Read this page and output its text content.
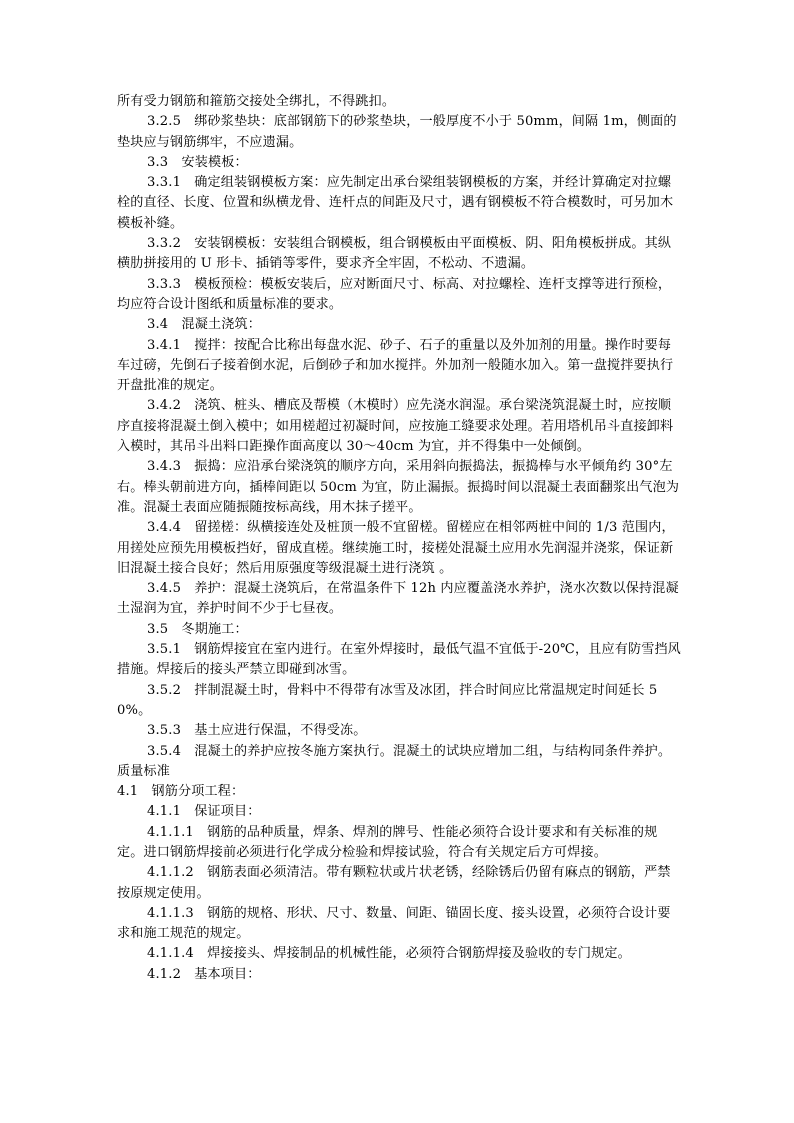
所有受力钢筋和箍筋交接处全绑扎，不得跳扣。

3.2.5　绑砂浆垫块：底部钢筋下的砂浆垫块，一般厚度不小于 50mm，间隔 1m，侧面的垫块应与钢筋绑牢，不应遗漏。

3.3　安装模板：

3.3.1　确定组装钢模板方案：应先制定出承台梁组装钢模板的方案，并经计算确定对拉螺栓的直径、长度、位置和纵横龙骨、连杆点的间距及尺寸，遇有钢模板不符合模数时，可另加木模板补缝。

3.3.2　安装钢模板：安装组合钢模板，组合钢模板由平面模板、阴、阳角模板拼成。其纵横肋拼接用的 U 形卡、插销等零件，要求齐全牢固，不松动、不遗漏。

3.3.3　模板预检：模板安装后，应对断面尺寸、标高、对拉螺栓、连杆支撑等进行预检，均应符合设计图纸和质量标准的要求。

3.4　混凝土浇筑：

3.4.1　搅拌：按配合比称出每盘水泥、砂子、石子的重量以及外加剂的用量。操作时要每车过磅，先倒石子接着倒水泥，后倒砂子和加水搅拌。外加剂一般随水加入。第一盘搅拌要执行开盘批准的规定。

3.4.2　浇筑、桩头、槽底及帮模（木模时）应先浇水润湿。承台梁浇筑混凝土时，应按顺序直接将混凝土倒入模中；如用槎超过初凝时间，应按施工缝要求处理。若用塔机吊斗直接卸料入模时，其吊斗出料口距操作面高度以 30～40cm 为宜，并不得集中一处倾倒。

3.4.3　振捣：应沿承台梁浇筑的顺序方向，采用斜向振捣法，振捣棒与水平倾角约 30°左右。棒头朝前进方向，插棒间距以 50cm 为宜，防止漏振。振捣时间以混凝土表面翻浆出气泡为准。混凝土表面应随振随按标高线，用木抹子搓平。

3.4.4　留搓槎：纵横接连处及桩顶一般不宜留槎。留槎应在相邻两桩中间的 1/3 范围内，用搓处应预先用模板挡好，留成直槎。继续施工时，接槎处混凝土应用水先润湿并浇浆，保证新旧混凝土接合良好；然后用原强度等级混凝土进行浇筑 。

3.4.5　养护：混凝土浇筑后，在常温条件下 12h 内应覆盖浇水养护，浇水次数以保持混凝土湿润为宜，养护时间不少于七昼夜。

3.5　冬期施工：

3.5.1　钢筋焊接宜在室内进行。在室外焊接时，最低气温不宜低于-20℃，且应有防雪挡风措施。焊接后的接头严禁立即碰到冰雪。

3.5.2　拌制混凝土时，骨料中不得带有冰雪及冰团，拌合时间应比常温规定时间延长 50%。

3.5.3　基土应进行保温，不得受冻。

3.5.4　混凝土的养护应按冬施方案执行。混凝土的试块应增加二组，与结构同条件养护。质量标准

4.1　钢筋分项工程：

4.1.1　保证项目：

4.1.1.1　钢筋的品种质量，焊条、焊剂的牌号、性能必须符合设计要求和有关标准的规定。进口钢筋焊接前必须进行化学成分检验和焊接试验，符合有关规定后方可焊接。

4.1.1.2　钢筋表面必须清洁。带有颗粒状或片状老锈，经除锈后仍留有麻点的钢筋，严禁按原规定使用。

4.1.1.3　钢筋的规格、形状、尺寸、数量、间距、锚固长度、接头设置，必须符合设计要求和施工规范的规定。

4.1.1.4　焊接接头、焊接制品的机械性能，必须符合钢筋焊接及验收的专门规定。

4.1.2　基本项目：
